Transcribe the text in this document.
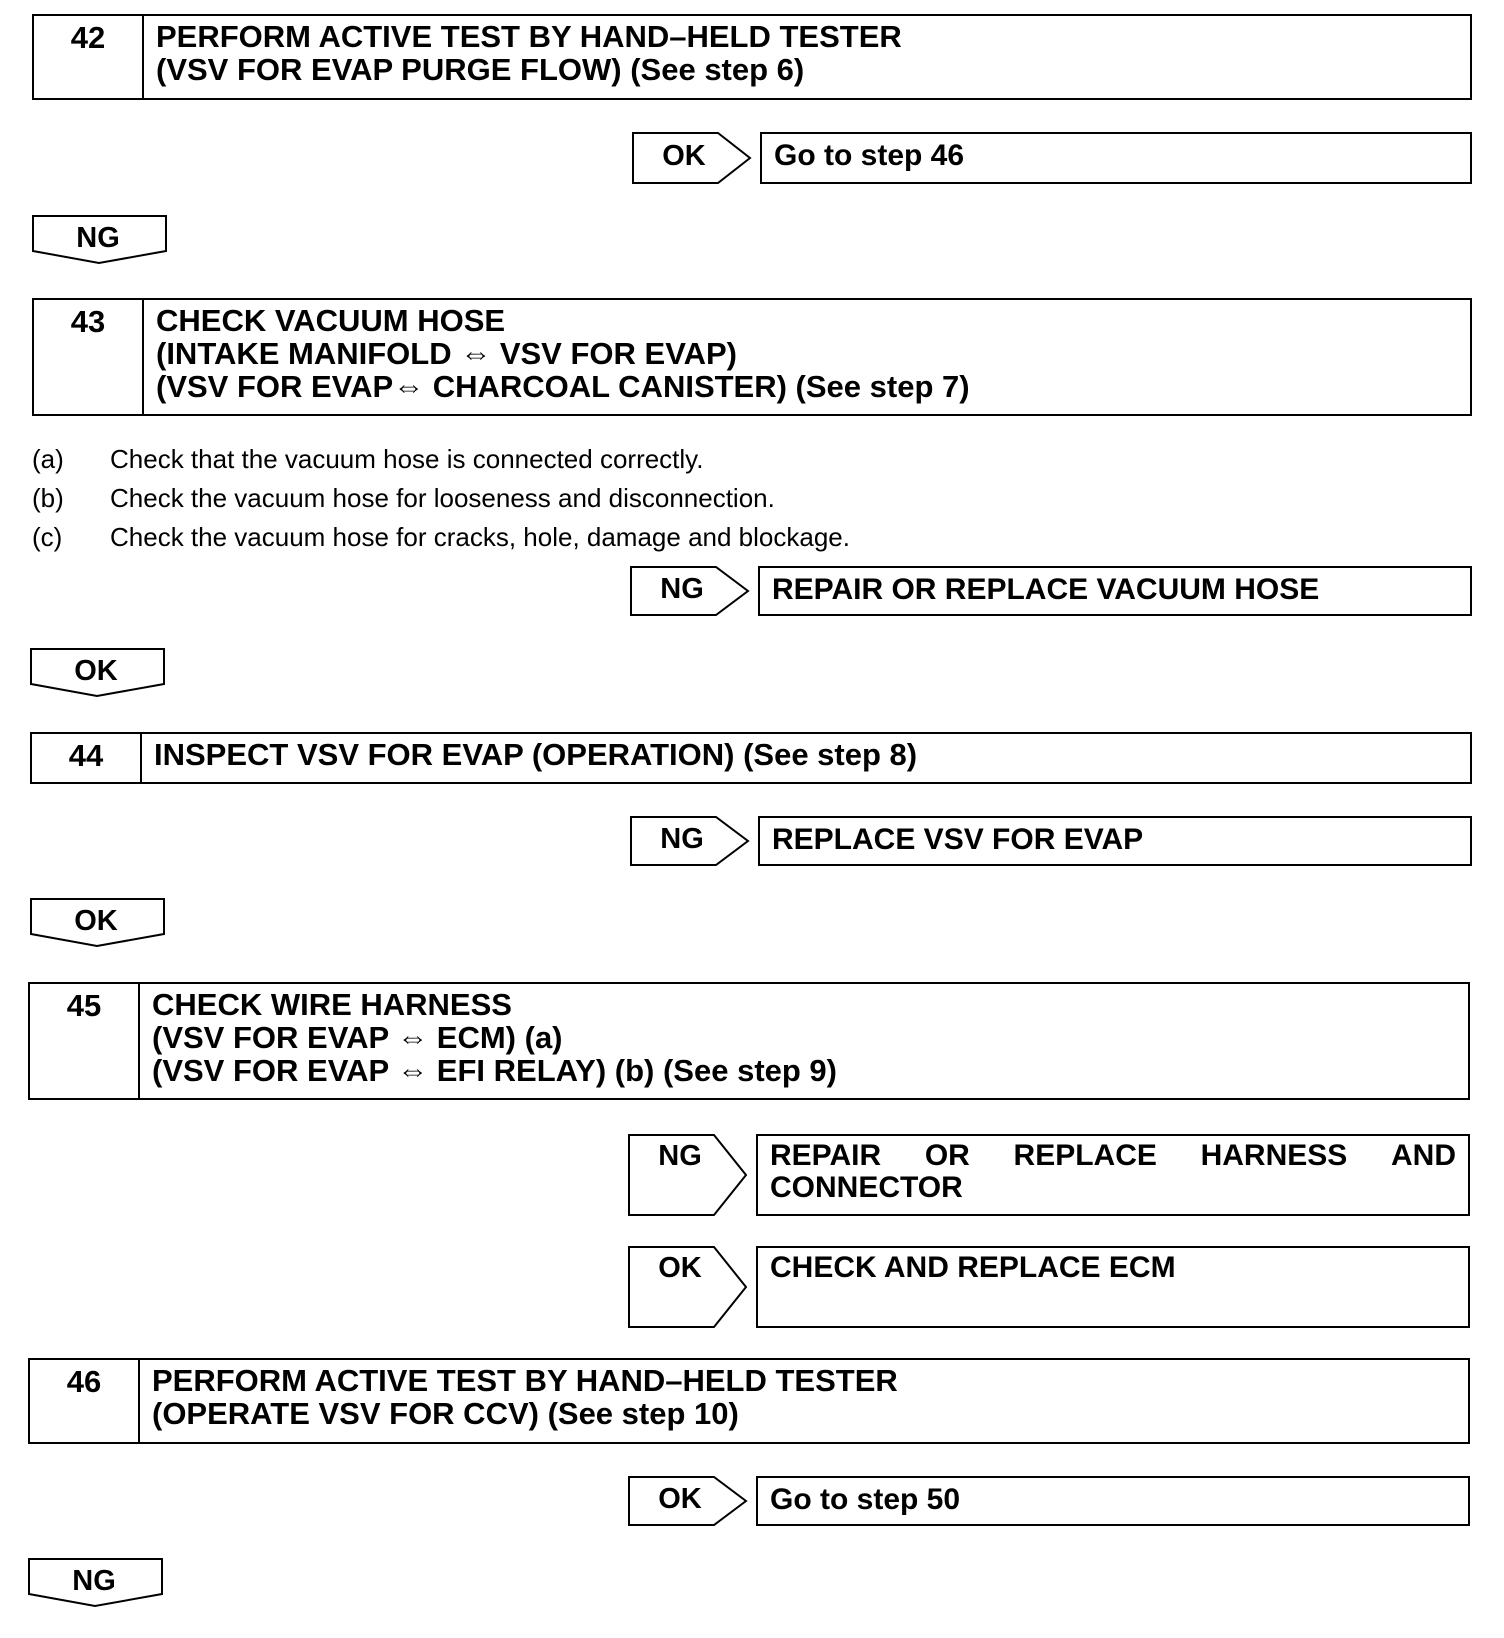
42	PERFORM ACTIVE TEST BY HAND–HELD TESTER
(VSV FOR EVAP PURGE FLOW) (See step 6)
OK	Go to step 46
NG
43	CHECK VACUUM HOSE
(INTAKE MANIFOLD ⇔ VSV FOR EVAP)
(VSV FOR EVAP⇔ CHARCOAL CANISTER) (See step 7)
(a)	Check that the vacuum hose is connected correctly.
(b)	Check the vacuum hose for looseness and disconnection.
(c)	Check the vacuum hose for cracks, hole, damage and blockage.
NG	REPAIR OR REPLACE VACUUM HOSE
OK
44	INSPECT VSV FOR EVAP (OPERATION) (See step 8)
NG	REPLACE VSV FOR EVAP
OK
45	CHECK WIRE HARNESS
(VSV FOR EVAP ⇔ ECM) (a)
(VSV FOR EVAP ⇔ EFI RELAY) (b) (See step 9)
NG	REPAIR OR REPLACE HARNESS AND
CONNECTOR
OK	CHECK AND REPLACE ECM
46	PERFORM ACTIVE TEST BY HAND–HELD TESTER
(OPERATE VSV FOR CCV) (See step 10)
OK	Go to step 50
NG
